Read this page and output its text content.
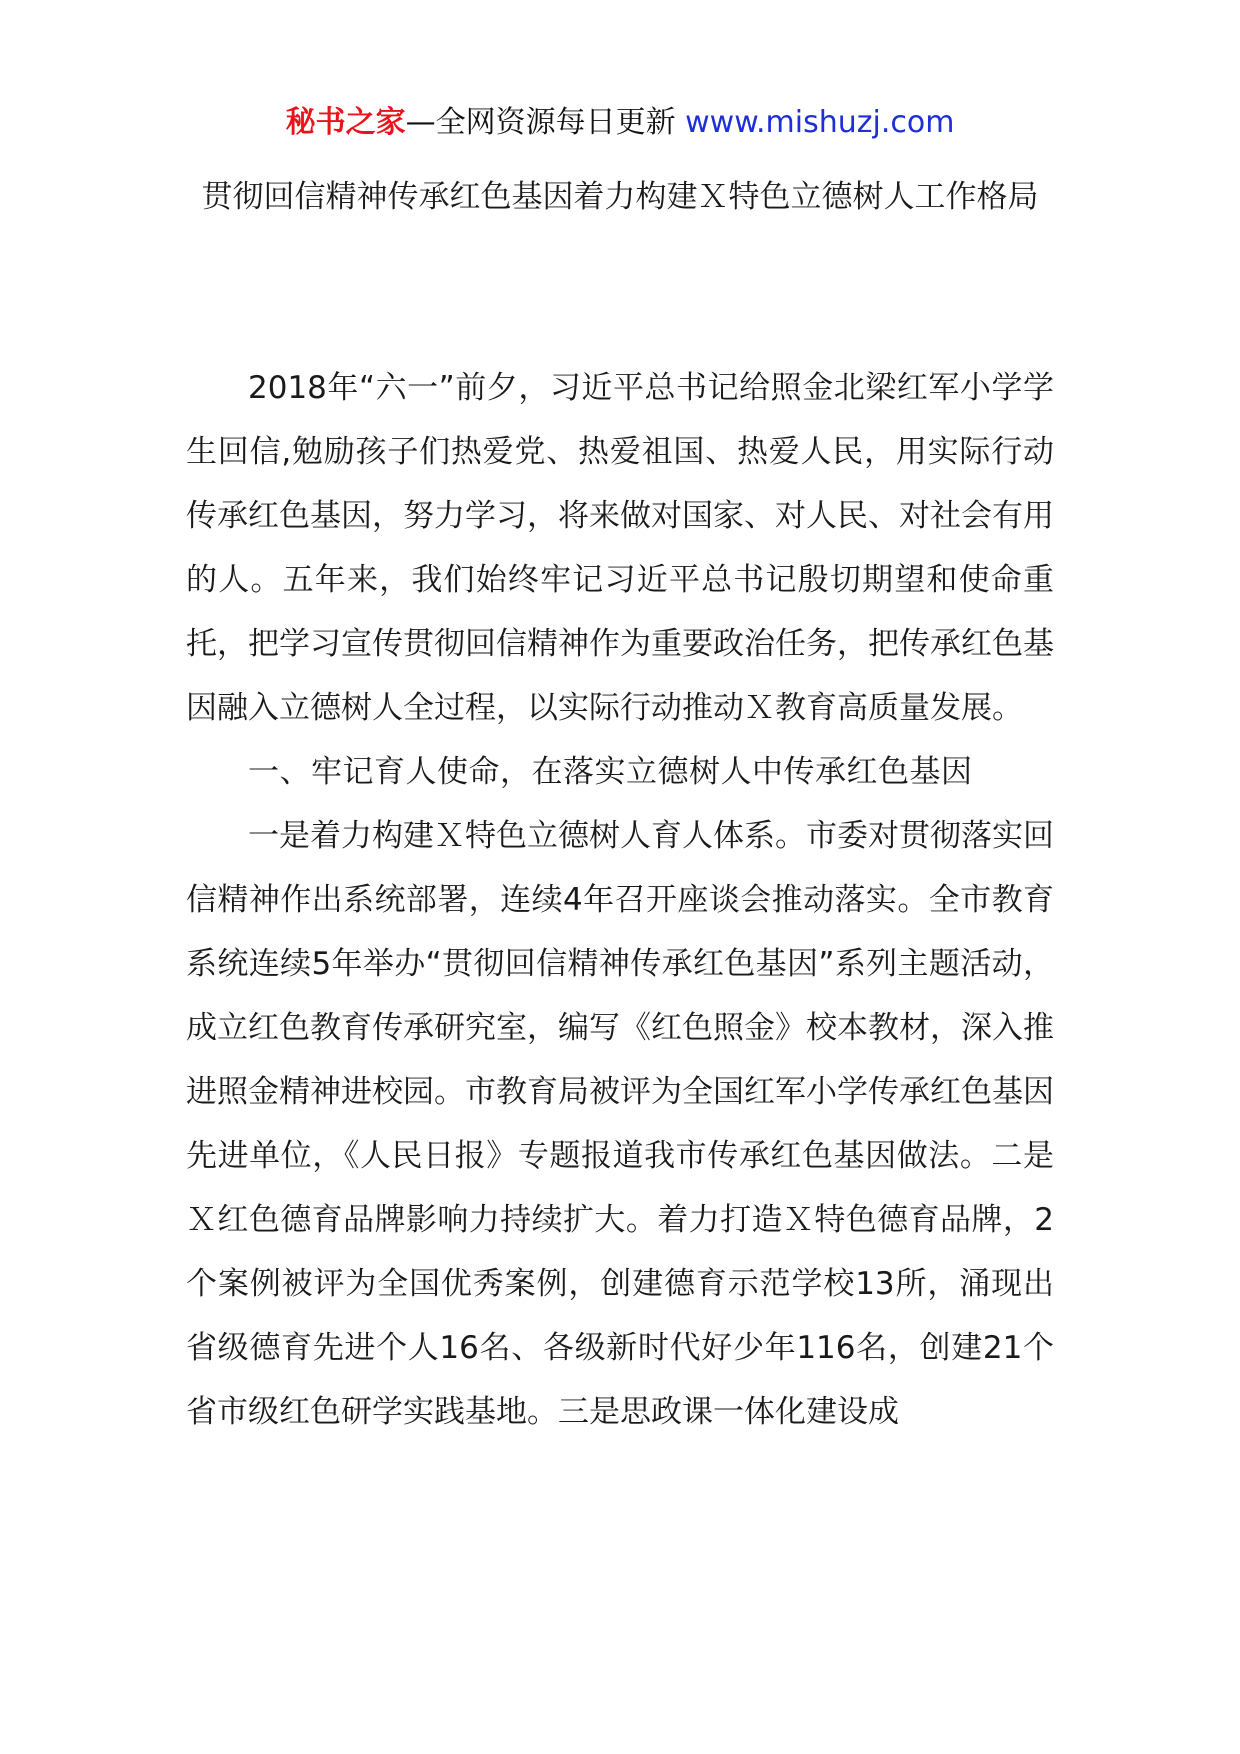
秘书之家—全网资源每日更新 www.mishuzj.com
贯彻回信精神传承红色基因着力构建Ｘ特色立德树人工作格局

2018年“六一”前夕，习近平总书记给照金北梁红军小学学生回信,勉励孩子们热爱党、热爱祖国、热爱人民，用实际行动传承红色基因，努力学习，将来做对国家、对人民、对社会有用的人。五年来，我们始终牢记习近平总书记殷切期望和使命重托，把学习宣传贯彻回信精神作为重要政治任务，把传承红色基因融入立德树人全过程，以实际行动推动Ｘ教育高质量发展。

一、牢记育人使命，在落实立德树人中传承红色基因

一是着力构建Ｘ特色立德树人育人体系。市委对贯彻落实回信精神作出系统部署，连续4年召开座谈会推动落实。全市教育系统连续5年举办“贯彻回信精神传承红色基因”系列主题活动，成立红色教育传承研究室，编写《红色照金》校本教材，深入推进照金精神进校园。市教育局被评为全国红军小学传承红色基因先进单位，《人民日报》专题报道我市传承红色基因做法。二是Ｘ红色德育品牌影响力持续扩大。着力打造Ｘ特色德育品牌，2个案例被评为全国优秀案例，创建德育示范学校13所，涌现出省级德育先进个人16名、各级新时代好少年116名，创建21个省市级红色研学实践基地。三是思政课一体化建设成
